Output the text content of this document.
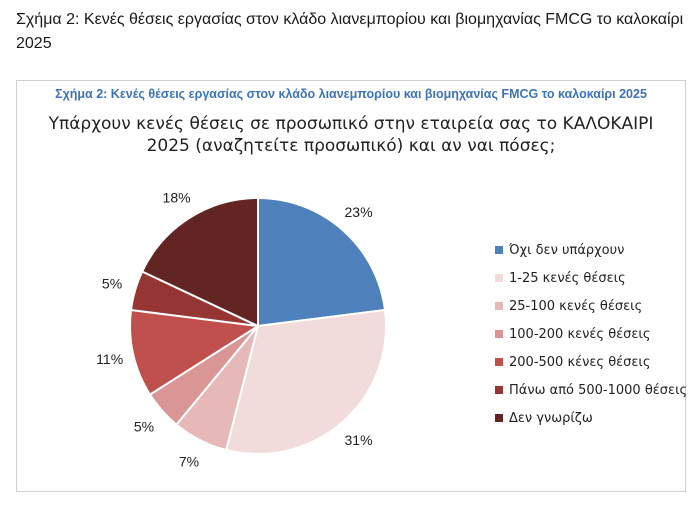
Σχήμα 2: Κενές θέσεις εργασίας στον κλάδο λιανεμπορίου και βιομηχανίας FMCG το καλοκαίρι 2025
Σχήμα 2: Κενές θέσεις εργασίας στον κλάδο λιανεμπορίου και βιομηχανίας FMCG το καλοκαίρι 2025
Υπάρχουν κενές θέσεις σε προσωπικό στην εταιρεία σας το ΚΑΛΟΚΑΙΡΙ 2025 (αναζητείτε προσωπικό) και αν ναι πόσες;
23%
31%
7%
5%
11%
5%
18%
Όχι δεν υπάρχουν
1-25 κενές θέσεις
25-100 κενές θέσεις
100-200 κενές θέσεις
200-500 κένες θέσεις
Πάνω από 500-1000 θέσεις
Δεν γνωρίζω
